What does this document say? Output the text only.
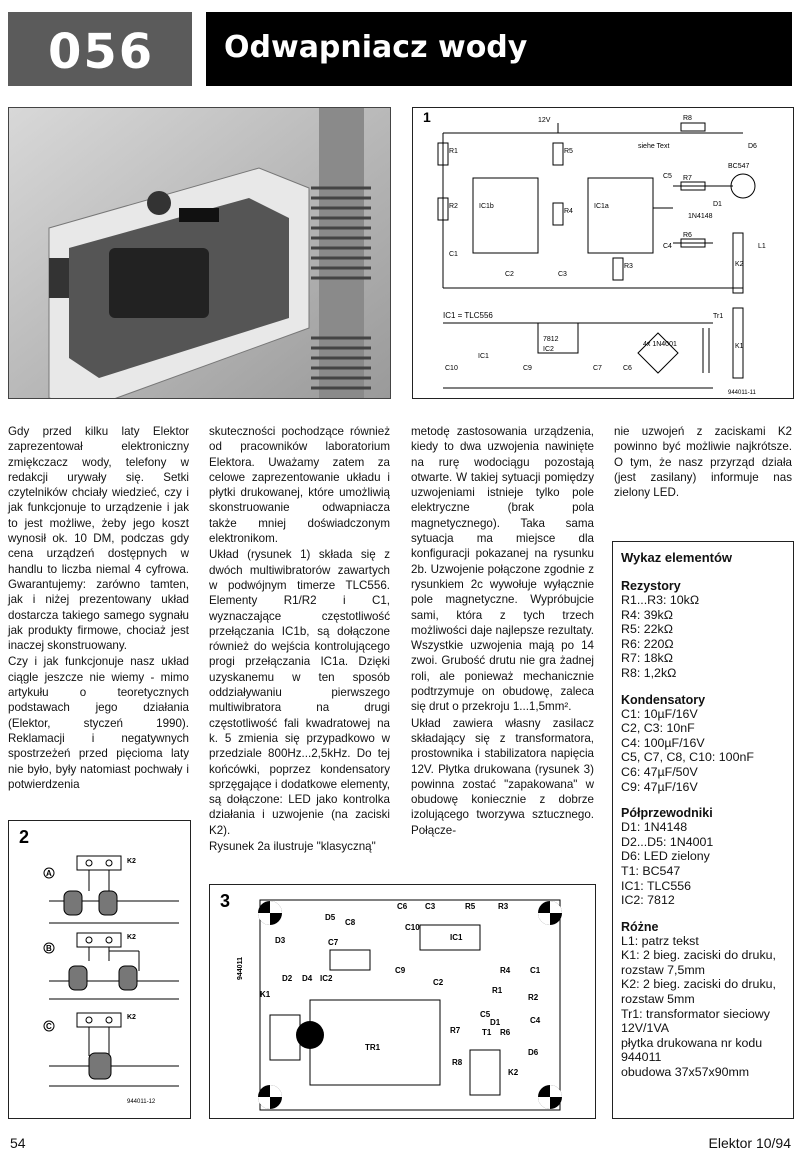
056 Odwapniacz wody
1	12V
siehe Text
IC1b	IC1a
R1
R2
R5
R4
R3
R8
R7
R6
BC547
D1
1N4148
D6
L1
K2
K1
Tr1
4x 1N4001
7812
IC2
C1
C2	C3
C4
C5
C6
C7
C9
C10
IC1
IC1 = TLC556
944011-11

Gdy przed kilku laty Elektor zaprezentował elektroniczny zmiękczacz wody, telefony w redakcji urywały się. Setki czytelników chciały wiedzieć, czy i jak funkcjonuje to urządzenie i jak to jest możliwe, żeby jego koszt wynosił ok. 10 DM, podczas gdy cena urządzeń dostępnych w handlu to liczba niemal 4 cyfrowa. Gwarantujemy: zarówno tamten, jak i niżej prezentowany układ dostarcza takiego samego sygnału jak produkty firmowe, chociaż jest inaczej skonstruowany.

Czy i jak funkcjonuje nasz układ ciągle jeszcze nie wiemy - mimo artykułu o teoretycznych podstawach jego działania (Elektor, styczeń 1990). Reklamacji i negatywnych spostrzeżeń przed pięcioma laty nie było, były natomiast pochwały i potwierdzenia

skuteczności pochodzące również od pracowników laboratorium Elektora. Uważamy zatem za celowe zaprezentowanie układu i płytki drukowanej, które umożliwią skonstruowanie odwapniacza także mniej doświadczonym elektronikom.

Układ (rysunek 1) składa się z dwóch multiwibratorów zawartych w podwójnym timerze TLC556. Elementy R1/R2 i C1, wyznaczające częstotliwość przełączania IC1b, są dołączone również do wejścia kontrolującego progi przełączania IC1a. Dzięki uzyskanemu w ten sposób oddziaływaniu pierwszego multiwibratora na drugi częstotliwość fali kwadratowej na k. 5 zmienia się przypadkowo w przedziale 800Hz...2,5kHz. Do tej końcówki, poprzez kondensatory sprzęgające i dodatkowe elementy, są dołączone: LED jako kontrolka działania i uzwojenie (na zaciski K2).

Rysunek 2a ilustruje "klasyczną"

metodę zastosowania urządzenia, kiedy to dwa uzwojenia nawinięte na rurę wodociągu pozostają otwarte. W takiej sytuacji pomiędzy uzwojeniami istnieje tylko pole elektryczne (brak pola magnetycznego). Taka sama sytuacja ma miejsce dla konfiguracji pokazanej na rysunku 2b. Uzwojenie połączone zgodnie z rysunkiem 2c wywołuje wyłącznie pole magnetyczne. Wypróbujcie sami, która z tych trzech możliwości daje najlepsze rezultaty. Wszystkie uzwojenia mają po 14 zwoi. Grubość drutu nie gra żadnej roli, ale ponieważ mechanicznie podtrzymuje on obudowę, zaleca się drut o przekroju 1...1,5mm².

Układ zawiera własny zasilacz składający się z transformatora, prostownika i stabilizatora napięcia 12V. Płytka drukowana (rysunek 3) powinna zostać "zapakowana" w obudowę koniecznie z dobrze izolującego tworzywa sztucznego. Połącze-

nie uzwojeń z zaciskami K2 powinno być możliwie najkrótsze. O tym, że nasz przyrząd działa (jest zasilany) informuje nas zielony LED.

Wykaz elementów
Rezystory
R1...R3: 10kΩ
R4: 39kΩ
R5: 22kΩ
R6: 220Ω
R7: 18kΩ
R8: 1,2kΩ
Kondensatory
C1: 10µF/16V
C2, C3: 10nF
C4: 100µF/16V
C5, C7, C8, C10: 100nF
C6: 47µF/50V
C9: 47µF/16V
Półprzewodniki
D1: 1N4148
D2...D5: 1N4001
D6: LED zielony
T1: BC547
IC1: TLC556
IC2: 7812
Różne
L1: patrz tekst
K1: 2 bieg. zaciski do druku, rozstaw 7,5mm
K2: 2 bieg. zaciski do druku, rozstaw 5mm
Tr1: transformator sieciowy 12V/1VA
płytka drukowana nr kodu 944011
obudowa 37x57x90mm
2
A
B
C
K2
K2
K2
944011-12
3	C6 C3	R5	R3
D5
C8
C10
C7
C9
IC1
R4 C1
D3
D2 D4 IC2	C2
R1
R2
K1
TR1
R7
C5
D1	C4
T1 R6
D6
R8
K2
944011
54	Elektor 10/94
